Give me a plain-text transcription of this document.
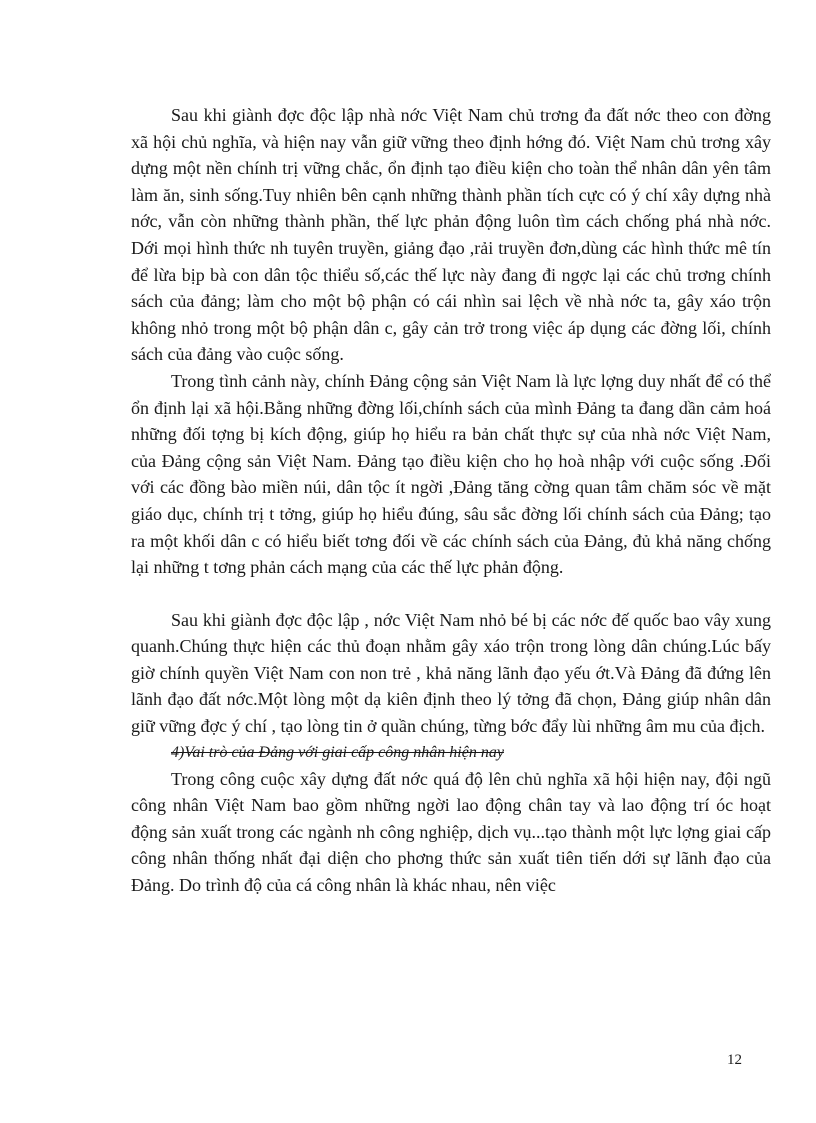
Sau khi giành đợc độc lập nhà nớc Việt Nam chủ trơng đa đất nớc theo con đờng xã hội chủ nghĩa, và hiện nay vẫn giữ vững theo định hớng đó. Việt Nam chủ trơng xây dựng một nền chính trị vững chắc, ổn định tạo điều kiện cho toàn thể nhân dân yên tâm làm ăn, sinh sống.Tuy nhiên bên cạnh những thành phần tích cực có ý chí xây dựng nhà nớc, vẫn còn những thành phần, thế lực phản động luôn tìm cách chống phá nhà nớc. Dới mọi hình thức nh tuyên truyền, giảng đạo ,rải truyền đơn,dùng các hình thức mê tín để lừa bịp bà con dân tộc thiểu số,các thế lực này đang đi ngợc lại các chủ trơng chính sách của đảng; làm cho một bộ phận có cái nhìn sai lệch về nhà nớc ta, gây xáo trộn không nhỏ trong một bộ phận dân c, gây cản trở trong việc áp dụng các đờng lối, chính sách của đảng vào cuộc sống.

Trong tình cảnh này, chính Đảng cộng sản Việt Nam là lực lợng duy nhất để có thể ổn định lại xã hội.Bằng những đờng lối,chính sách của mình Đảng ta đang dần cảm hoá những đối tợng bị kích động, giúp họ hiểu ra bản chất thực sự của nhà nớc Việt Nam, của Đảng cộng sản Việt Nam. Đảng tạo điều kiện cho họ hoà nhập với cuộc sống .Đối với các đồng bào miền núi, dân tộc ít ngời ,Đảng tăng cờng quan tâm chăm sóc về mặt giáo dục, chính trị t tởng, giúp họ hiểu đúng, sâu sắc đờng lối chính sách của Đảng; tạo ra một khối dân c có hiểu biết tơng đối về các chính sách của Đảng, đủ khả năng chống lại những t tơng phản cách mạng của các thế lực phản động.

Sau khi giành đợc độc lập , nớc Việt Nam nhỏ bé bị các nớc đế quốc bao vây xung quanh.Chúng thực hiện các thủ đoạn nhằm gây xáo trộn trong lòng dân chúng.Lúc bấy giờ chính quyền Việt Nam con non trẻ , khả năng lãnh đạo yếu ớt.Và Đảng đã đứng lên lãnh đạo đất nớc.Một lòng một dạ kiên định theo lý tởng đã chọn, Đảng giúp nhân dân giữ vững đợc ý chí , tạo lòng tin ở quần chúng, từng bớc đẩy lùi những âm mu của địch.

4)Vai trò của Đảng với giai cấp công nhân hiện nay

Trong công cuộc xây dựng đất nớc quá độ lên chủ nghĩa xã hội hiện nay, đội ngũ công nhân Việt Nam bao gồm những ngời lao động chân tay và lao động trí óc hoạt động sản xuất trong các ngành nh công nghiệp, dịch vụ...tạo thành một lực lợng giai cấp công nhân thống nhất đại diện cho phơng thức sản xuất tiên tiến dới sự lãnh đạo của Đảng. Do trình độ của cá công nhân là khác nhau, nên việc

12
